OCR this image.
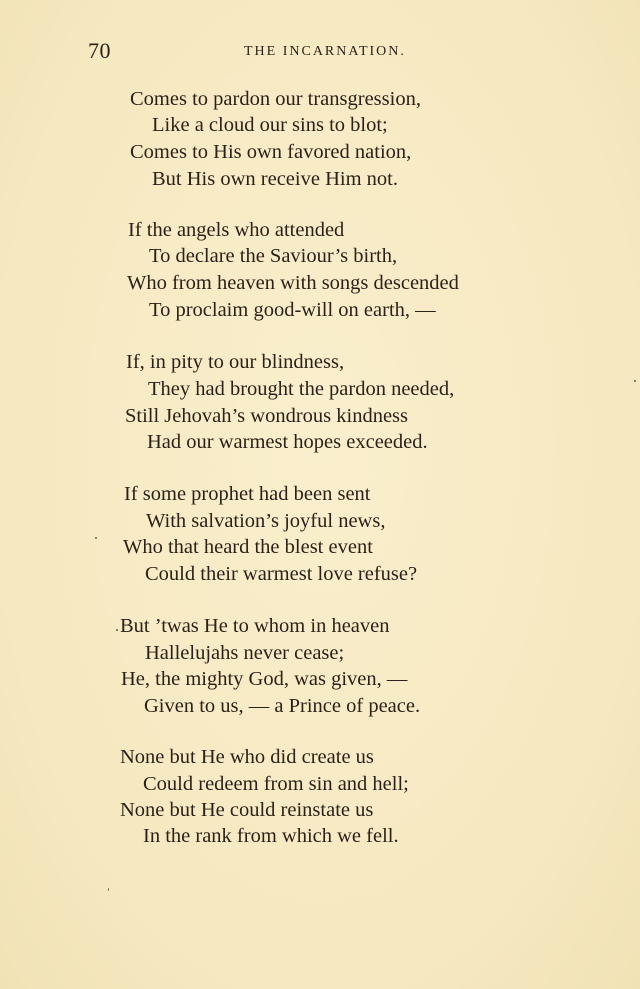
70	THE INCARNATION.
Comes to pardon our transgression,
Like a cloud our sins to blot;
Comes to His own favored nation,
But His own receive Him not.
If the angels who attended
To declare the Saviour’s birth,
Who from heaven with songs descended
To proclaim good-will on earth, —
If, in pity to our blindness,
They had brought the pardon needed,
Still Jehovah’s wondrous kindness
Had our warmest hopes exceeded.
If some prophet had been sent
With salvation’s joyful news,
Who that heard the blest event
Could their warmest love refuse?
But ’twas He to whom in heaven
Hallelujahs never cease;
He, the mighty God, was given, —
Given to us, — a Prince of peace.
None but He who did create us
Could redeem from sin and hell;
None but He could reinstate us
In the rank from which we fell.
